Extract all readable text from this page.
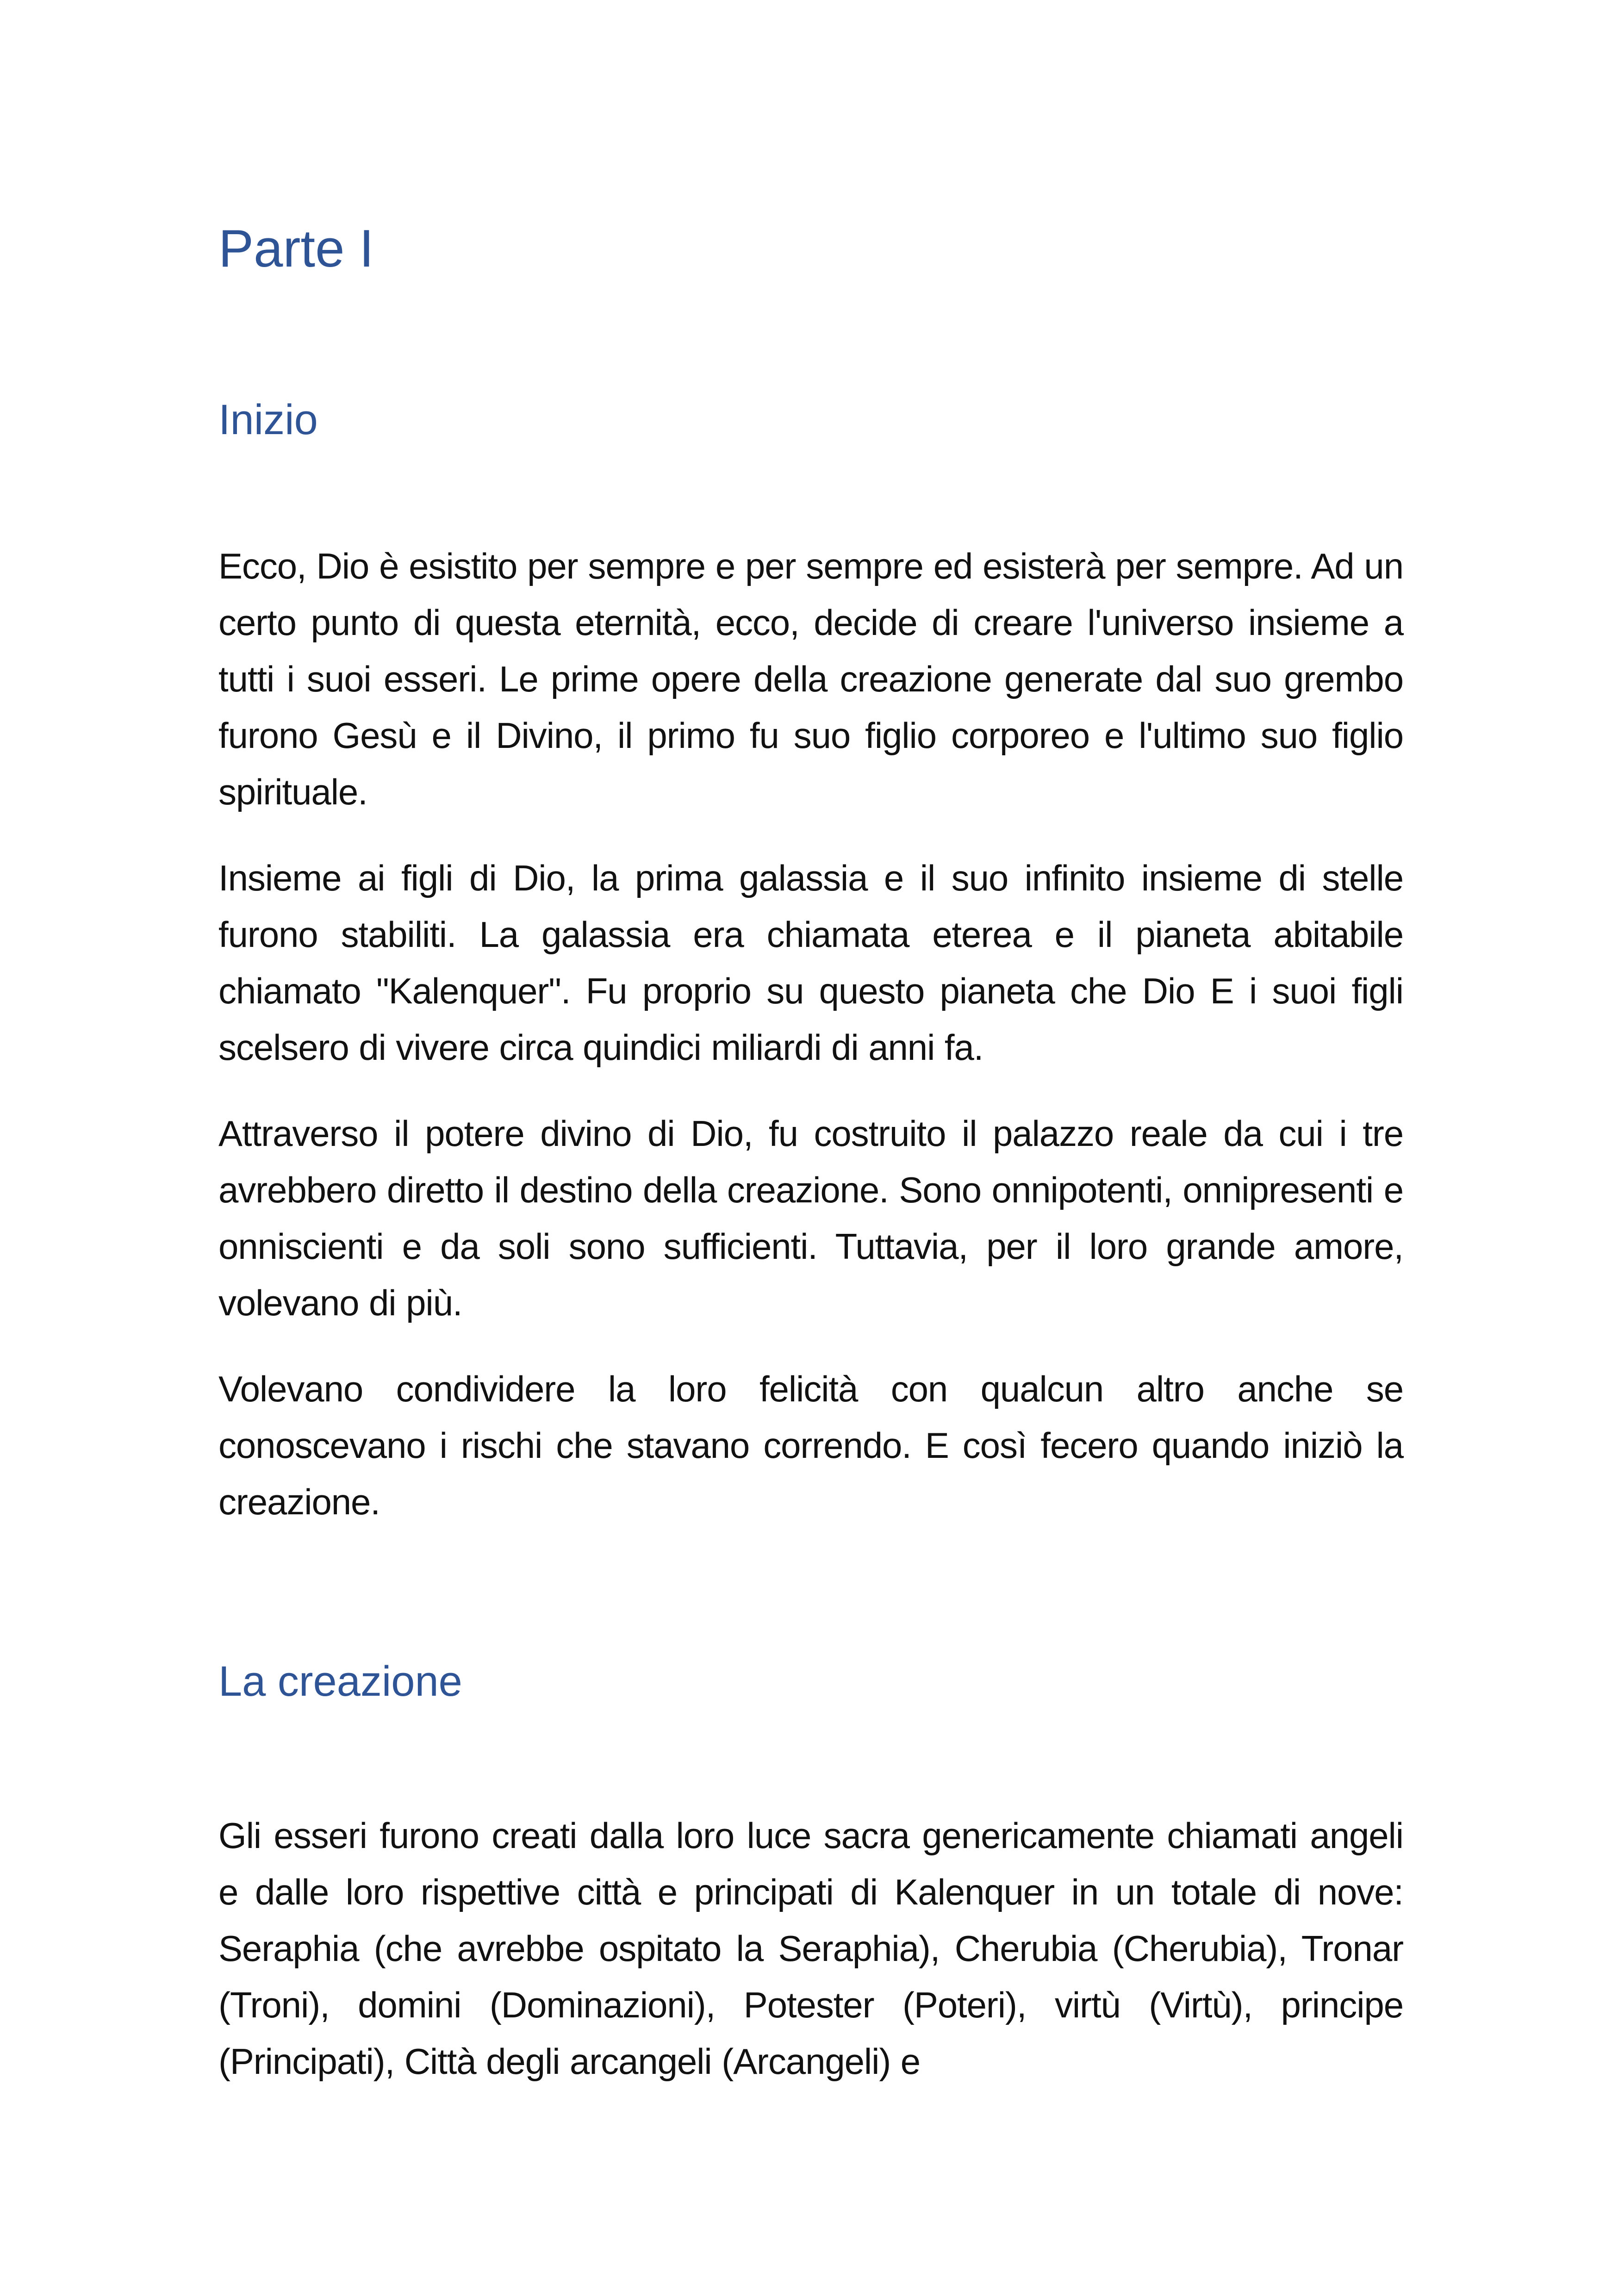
Parte I
Inizio

Ecco, Dio è esistito per sempre e per sempre ed esisterà per sempre. Ad un certo punto di questa eternità, ecco, decide di creare l'universo insieme a tutti i suoi esseri. Le prime opere della creazione generate dal suo grembo furono Gesù e il Divino, il primo fu suo figlio corporeo e l'ultimo suo figlio spirituale.

Insieme ai figli di Dio, la prima galassia e il suo infinito insieme di stelle furono stabiliti. La galassia era chiamata eterea e il pianeta abitabile chiamato "Kalenquer". Fu proprio su questo pianeta che Dio E i suoi figli scelsero di vivere circa quindici miliardi di anni fa.

Attraverso il potere divino di Dio, fu costruito il palazzo reale da cui i tre avrebbero diretto il destino della creazione. Sono onnipotenti, onnipresenti e onniscienti e da soli sono sufficienti. Tuttavia, per il loro grande amore, volevano di più.

Volevano condividere la loro felicità con qualcun altro anche se conoscevano i rischi che stavano correndo. E così fecero quando iniziò la creazione.

La creazione

Gli esseri furono creati dalla loro luce sacra genericamente chiamati angeli e dalle loro rispettive città e principati di Kalenquer in un totale di nove: Seraphia (che avrebbe ospitato la Seraphia), Cherubia (Cherubia), Tronar (Troni), domini (Dominazioni), Potester (Poteri), virtù (Virtù), principe (Principati), Città degli arcangeli (Arcangeli) e
